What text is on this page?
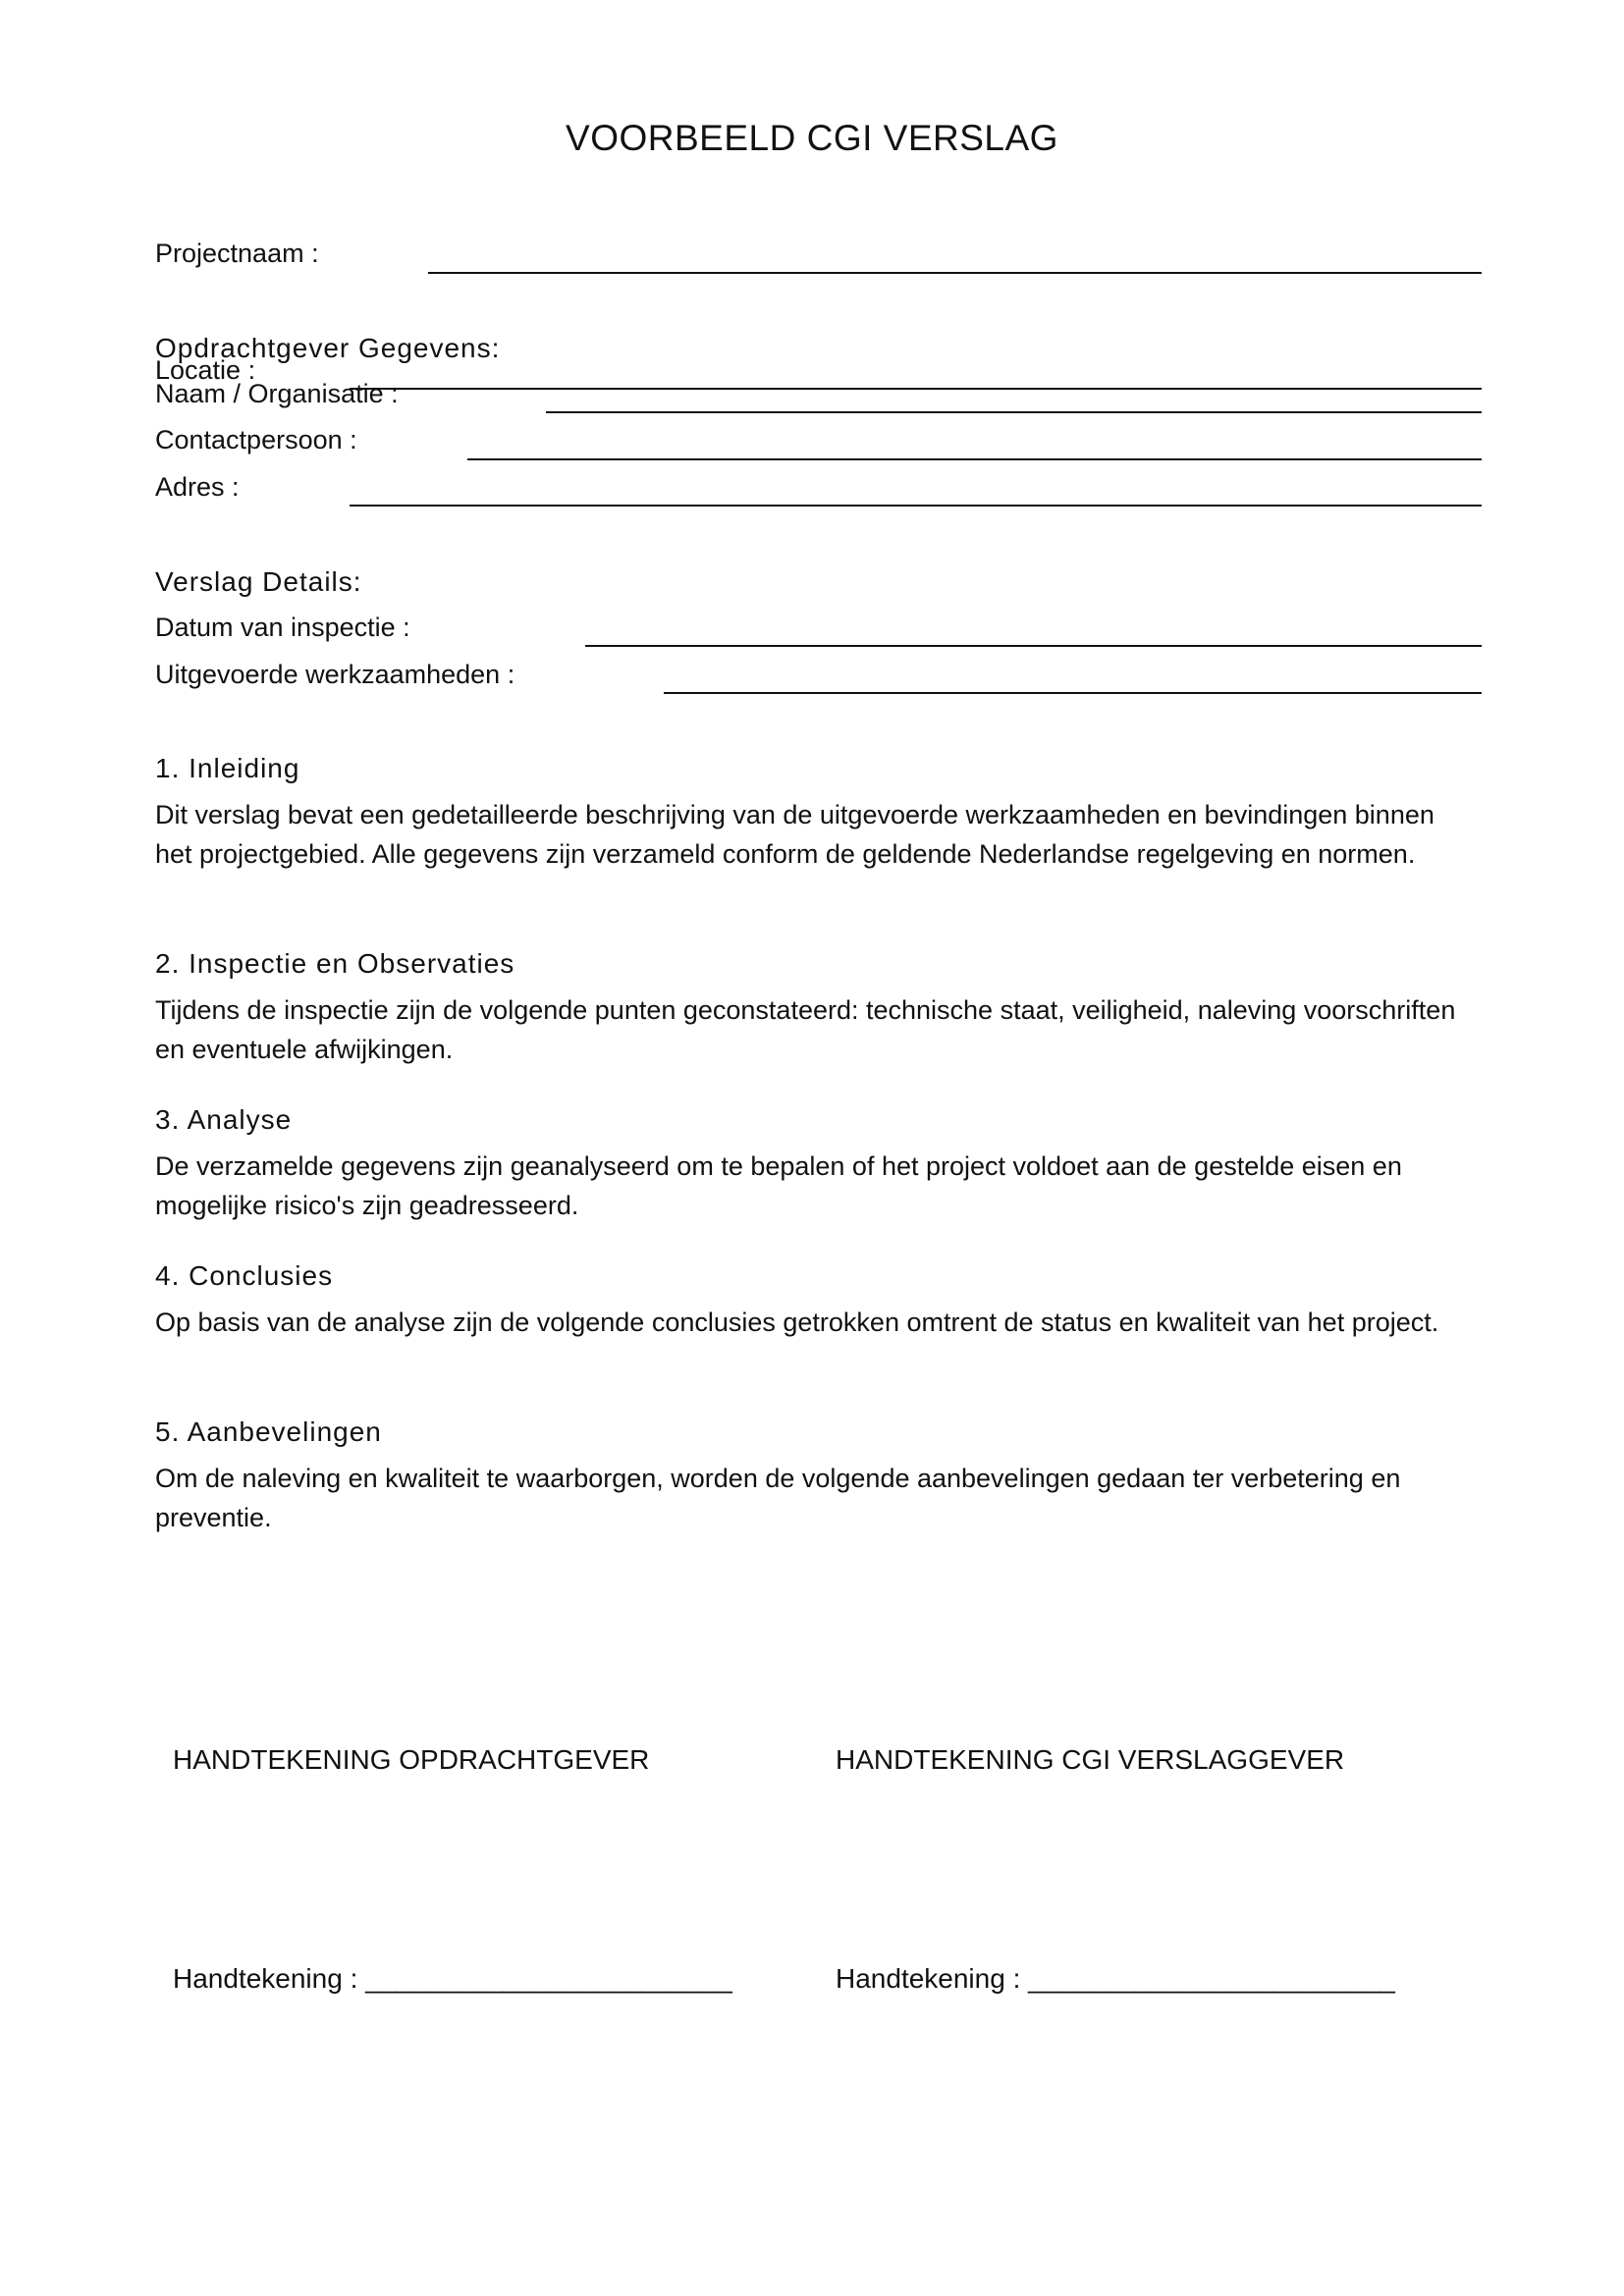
VOORBEELD CGI VERSLAG
Projectnaam :
Opdrachtgever Gegevens:
Locatie :
Naam / Organisatie :
Contactpersoon :
Adres :
Verslag Details:
Datum van inspectie :
Uitgevoerde werkzaamheden :
1. Inleiding
Dit verslag bevat een gedetailleerde beschrijving van de uitgevoerde werkzaamheden en bevindingen binnen het projectgebied. Alle gegevens zijn verzameld conform de geldende Nederlandse regelgeving en normen.
2. Inspectie en Observaties
Tijdens de inspectie zijn de volgende punten geconstateerd: technische staat, veiligheid, naleving voorschriften en eventuele afwijkingen.
3. Analyse
De verzamelde gegevens zijn geanalyseerd om te bepalen of het project voldoet aan de gestelde eisen en mogelijke risico's zijn geadresseerd.
4. Conclusies
Op basis van de analyse zijn de volgende conclusies getrokken omtrent de status en kwaliteit van het project.
5. Aanbevelingen
Om de naleving en kwaliteit te waarborgen, worden de volgende aanbevelingen gedaan ter verbetering en preventie.
HANDTEKENING OPDRACHTGEVER	HANDTEKENING CGI VERSLAGGEVER
Handtekening : ________________________	Handtekening : ________________________
